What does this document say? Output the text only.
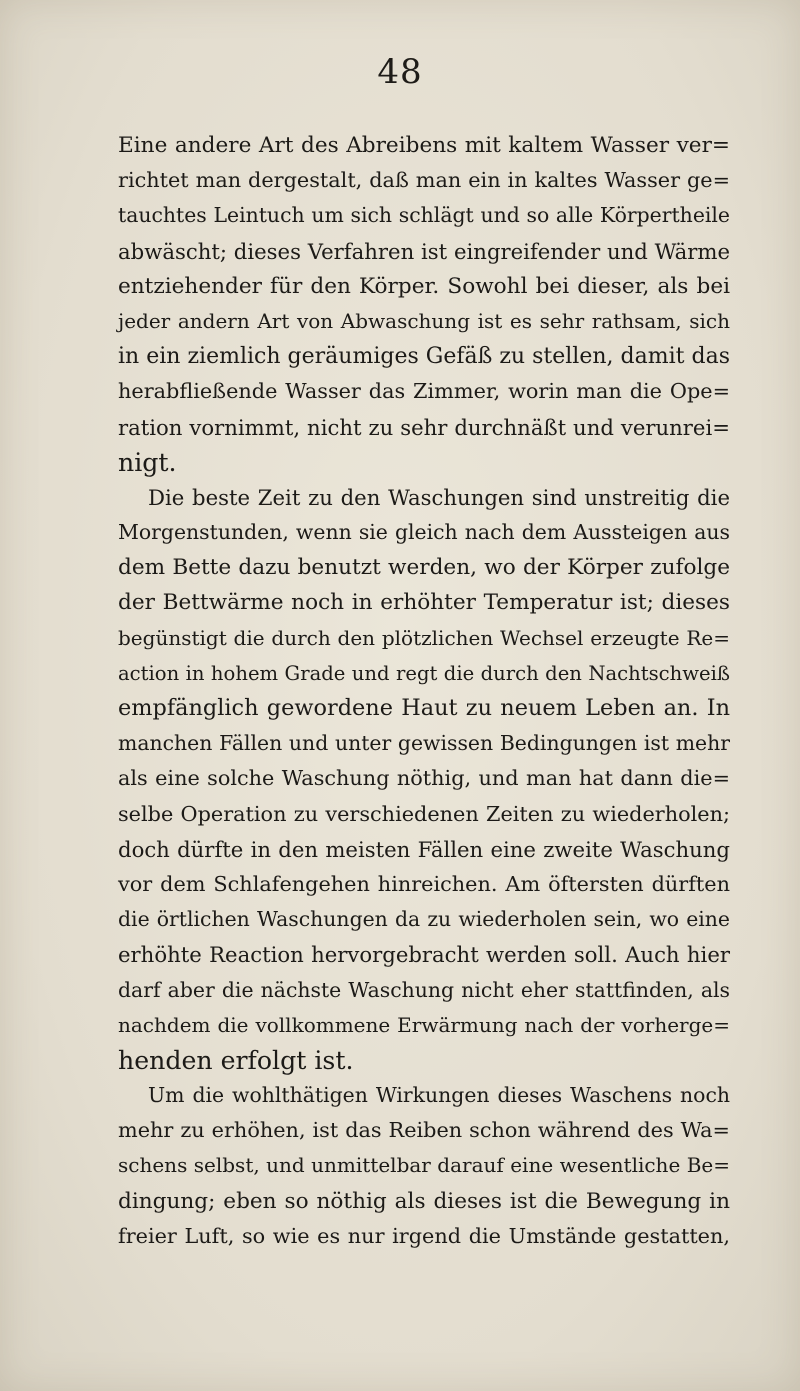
48
Eine andere Art des Abreibens mit kaltem Wasser ver=
richtet man dergestalt, daß man ein in kaltes Wasser ge=
tauchtes Leintuch um sich schlägt und so alle Körpertheile
abwäscht; dieses Verfahren ist eingreifender und Wärme
entziehender für den Körper. Sowohl bei dieser, als bei
jeder andern Art von Abwaschung ist es sehr rathsam, sich
in ein ziemlich geräumiges Gefäß zu stellen, damit das
herabfließende Wasser das Zimmer, worin man die Ope=
ration vornimmt, nicht zu sehr durchnäßt und verunrei=
nigt.
Die beste Zeit zu den Waschungen sind unstreitig die
Morgenstunden, wenn sie gleich nach dem Aussteigen aus
dem Bette dazu benutzt werden, wo der Körper zufolge
der Bettwärme noch in erhöhter Temperatur ist; dieses
begünstigt die durch den plötzlichen Wechsel erzeugte Re=
action in hohem Grade und regt die durch den Nachtschweiß
empfänglich gewordene Haut zu neuem Leben an. In
manchen Fällen und unter gewissen Bedingungen ist mehr
als eine solche Waschung nöthig, und man hat dann die=
selbe Operation zu verschiedenen Zeiten zu wiederholen;
doch dürfte in den meisten Fällen eine zweite Waschung
vor dem Schlafengehen hinreichen. Am öftersten dürften
die örtlichen Waschungen da zu wiederholen sein, wo eine
erhöhte Reaction hervorgebracht werden soll. Auch hier
darf aber die nächste Waschung nicht eher stattfinden, als
nachdem die vollkommene Erwärmung nach der vorherge=
henden erfolgt ist.
Um die wohlthätigen Wirkungen dieses Waschens noch
mehr zu erhöhen, ist das Reiben schon während des Wa=
schens selbst, und unmittelbar darauf eine wesentliche Be=
dingung; eben so nöthig als dieses ist die Bewegung in
freier Luft, so wie es nur irgend die Umstände gestatten,
